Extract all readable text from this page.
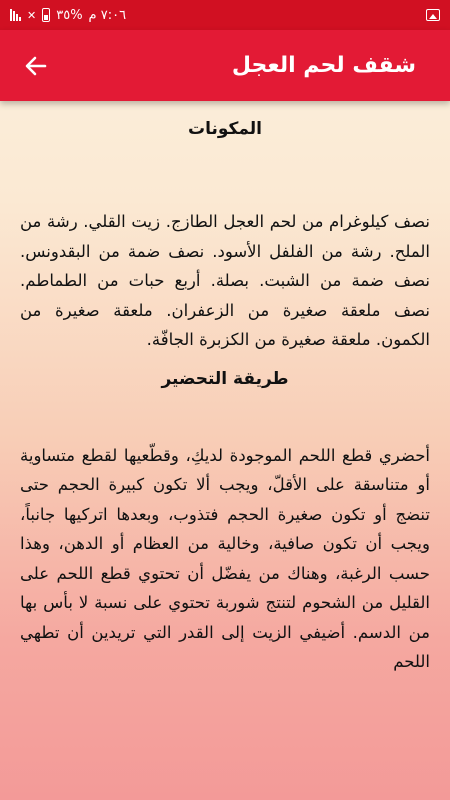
٧:٠٦ م
%٣٥
✕
شقف لحم العجل
المكونات

نصف كيلوغرام من لحم العجل الطازج. زيت القلي. رشة من الملح. رشة من الفلفل الأسود. نصف ضمة من البقدونس. نصف ضمة من الشبت. بصلة. أربع حبات من الطماطم. نصف ملعقة صغيرة من الزعفران. ملعقة صغيرة من الكمون. ملعقة صغيرة من الكزبرة الجافّة.

طريقة التحضير

أحضري قطع اللحم الموجودة لديكِ، وقطّعيها لقطع متساوية أو متناسقة على الأقلّ، ويجب ألا تكون كبيرة الحجم حتى تنضج أو تكون صغيرة الحجم فتذوب، وبعدها اتركيها جانباً، ويجب أن تكون صافية، وخالية من العظام أو الدهن، وهذا حسب الرغبة، وهناك من يفضّل أن تحتوي قطع اللحم على القليل من الشحوم لتنتج شوربة تحتوي على نسبة لا بأس بها من الدسم. أضيفي الزيت إلى القدر التي تريدين أن تطهي اللحم
